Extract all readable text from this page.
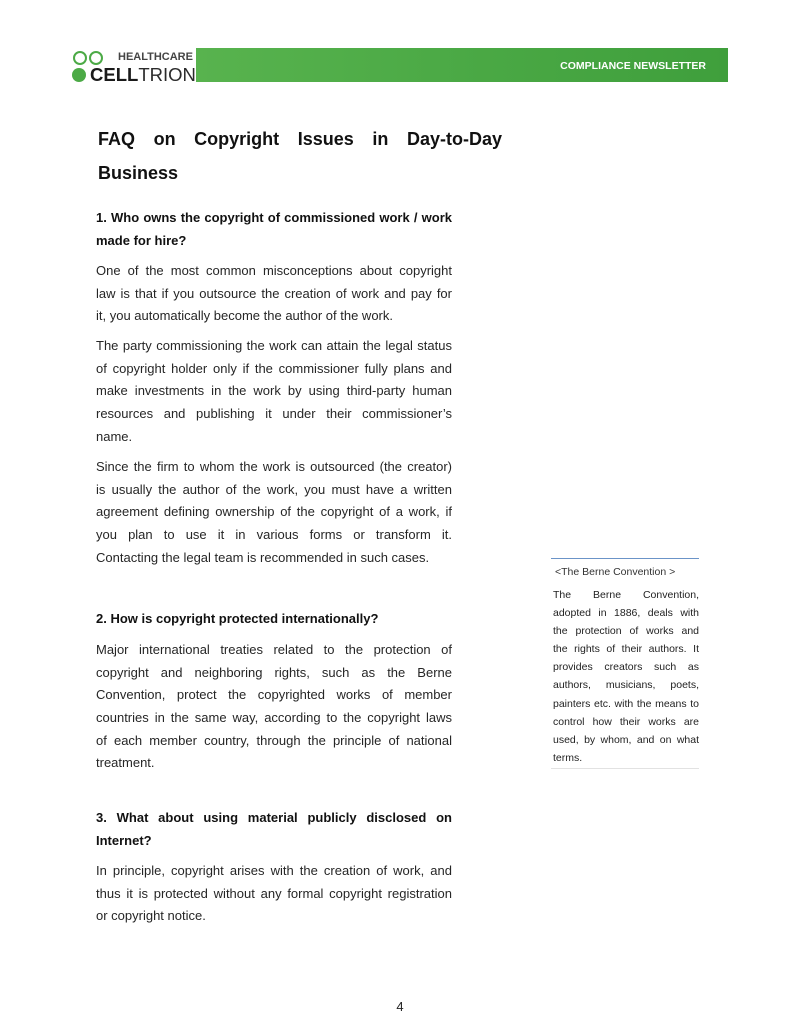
HEALTHCARE
CELLTRION	COMPLIANCE NEWSLETTER
FAQ on Copyright Issues in Day-to-Day
Business
1. Who owns the copyright of commissioned work / work
made for hire?
One of the most common misconceptions about copyright
law is that if you outsource the creation of work and pay for
it, you automatically become the author of the work.
The party commissioning the work can attain the legal status
of copyright holder only if the commissioner fully plans and
make investments in the work by using third-party human
resources and publishing it under their commissioner’s
name.
Since the firm to whom the work is outsourced (the creator)
is usually the author of the work, you must have a written
agreement defining ownership of the copyright of a work, if
you plan to use it in various forms or transform it.
Contacting the legal team is recommended in such cases.
2. How is copyright protected internationally?
Major international treaties related to the protection of
copyright and neighboring rights, such as the Berne
Convention, protect the copyrighted works of member
countries in the same way, according to the copyright laws
of each member country, through the principle of national
treatment.
3. What about using material publicly disclosed on
Internet?
In principle, copyright arises with the creation of work, and
thus it is protected without any formal copyright registration
or copyright notice.
<The Berne Convention >
The Berne Convention,
adopted in 1886, deals with
the protection of works and
the rights of their authors. It
provides creators such as
authors, musicians, poets,
painters etc. with the means to
control how their works are
used, by whom, and on what
terms.
4
